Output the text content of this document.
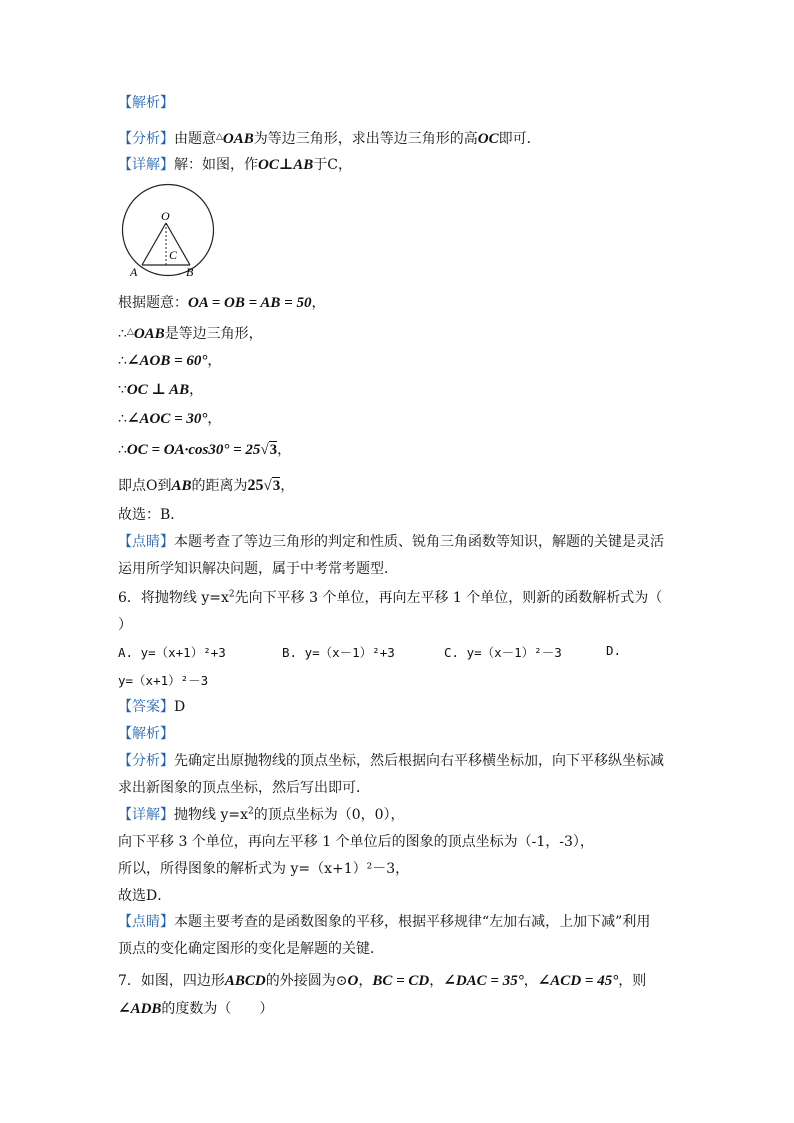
【解析】
【分析】由题意△OAB为等边三角形，求出等边三角形的高OC即可．
【详解】解：如图，作OC⊥AB于C，
O
C
A	B
根据题意：OA = OB = AB = 50，
∴△OAB是等边三角形，
∴∠AOB = 60°，
∵OC ⊥ AB，
∴∠AOC = 30°，
∴OC = OA·cos30° = 25√3，
即点O到AB的距离为25√3，
故选：B．
【点睛】本题考查了等边三角形的判定和性质、锐角三角函数等知识，解题的关键是灵活
运用所学知识解决问题，属于中考常考题型．
6．将抛物线 $y=x^2$先向下平移 3 个单位，再向左平移 1 个单位，则新的函数解析式为（
）
A. y=（x+1）²+3	B. y=（x－1）²+3	C. y=（x－1）²－3	D.
y=（x+1）²－3
【答案】D
【解析】
【分析】先确定出原抛物线的顶点坐标，然后根据向右平移横坐标加，向下平移纵坐标减
求出新图象的顶点坐标，然后写出即可．
【详解】抛物线 $y=x^2$的顶点坐标为（0，0），
向下平移 3 个单位，再向左平移 1 个单位后的图象的顶点坐标为（-1，-3），
所以，所得图象的解析式为 y=（x+1）²－3，
故选D．
【点睛】本题主要考查的是函数图象的平移，根据平移规律“左加右减，上加下减”利用
顶点的变化确定图形的变化是解题的关键．
7．如图，四边形ABCD的外接圆为⊙O，BC = CD，∠DAC = 35°，∠ACD = 45°，则
∠ADB的度数为（　　）
